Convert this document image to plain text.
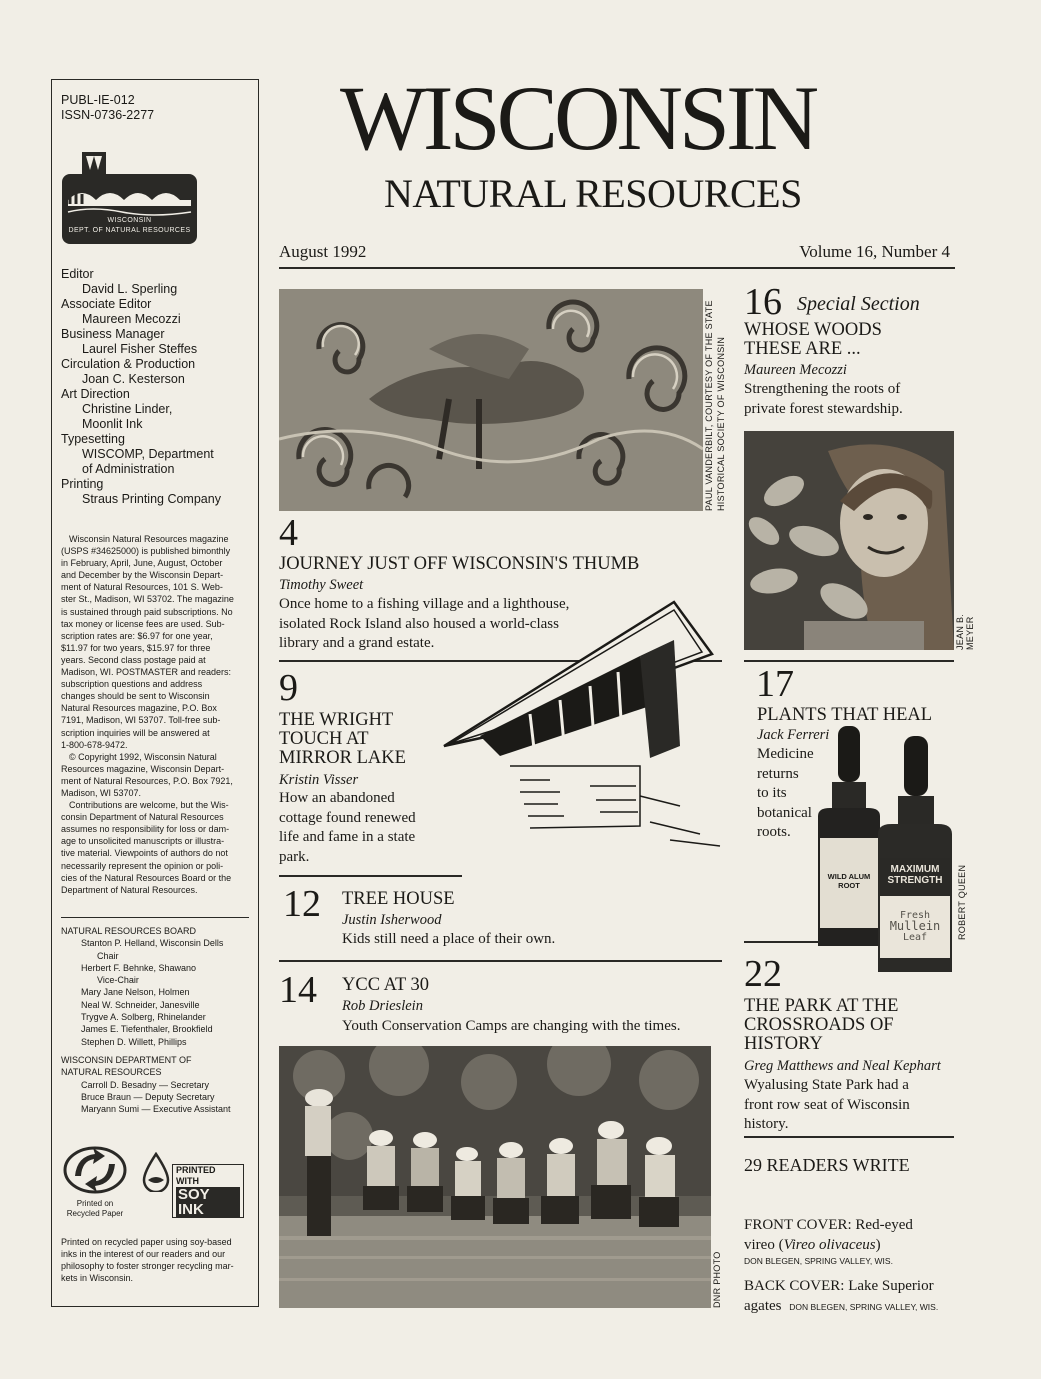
PUBL-IE-012
ISSN-0736-2277
WISCONSIN
DEPT. OF NATURAL RESOURCES
Editor
David L. Sperling
Associate Editor
Maureen Mecozzi
Business Manager
Laurel Fisher Steffes
Circulation & Production
Joan C. Kesterson
Art Direction
Christine Linder,
Moonlit Ink
Typesetting
WISCOMP, Department
of Administration
Printing
Straus Printing Company
Wisconsin Natural Resources magazine
(USPS #34625000) is published bimonthly
in February, April, June, August, October
and December by the Wisconsin Depart-
ment of Natural Resources, 101 S. Web-
ster St., Madison, WI 53702. The magazine
is sustained through paid subscriptions. No
tax money or license fees are used. Sub-
scription rates are: $6.97 for one year,
$11.97 for two years, $15.97 for three
years. Second class postage paid at
Madison, WI. POSTMASTER and readers:
subscription questions and address
changes should be sent to Wisconsin
Natural Resources magazine, P.O. Box
7191, Madison, WI 53707. Toll-free sub-
scription inquiries will be answered at
1-800-678-9472.
© Copyright 1992, Wisconsin Natural
Resources magazine, Wisconsin Depart-
ment of Natural Resources, P.O. Box 7921,
Madison, WI 53707.
Contributions are welcome, but the Wis-
consin Department of Natural Resources
assumes no responsibility for loss or dam-
age to unsolicited manuscripts or illustra-
tive material. Viewpoints of authors do not
necessarily represent the opinion or poli-
cies of the Natural Resources Board or the
Department of Natural Resources.
NATURAL RESOURCES BOARD
Stanton P. Helland, Wisconsin Dells
Chair
Herbert F. Behnke, Shawano
Vice-Chair
Mary Jane Nelson, Holmen
Neal W. Schneider, Janesville
Trygve A. Solberg, Rhinelander
James E. Tiefenthaler, Brookfield
Stephen D. Willett, Phillips
WISCONSIN DEPARTMENT OF
NATURAL RESOURCES
Carroll D. Besadny — Secretary
Bruce Braun — Deputy Secretary
Maryann Sumi — Executive Assistant
Printed on
Recycled Paper
PRINTED WITH
SOY INK
Printed on recycled paper using soy-based
inks in the interest of our readers and our
philosophy to foster stronger recycling mar-
kets in Wisconsin.
WISCONSIN
NATURAL RESOURCES
August 1992	Volume 16, Number 4
PAUL VANDERBILT, COURTESY OF THE STATE HISTORICAL SOCIETY OF WISCONSIN
4
JOURNEY JUST OFF WISCONSIN'S THUMB
Timothy Sweet
Once home to a fishing village and a lighthouse,
isolated Rock Island also housed a world-class
library and a grand estate.
9
THE WRIGHT
TOUCH AT
MIRROR LAKE
Kristin Visser
How an abandoned
cottage found renewed
life and fame in a state
park.
12 TREE HOUSE
Justin Isherwood
Kids still need a place of their own.
14 YCC AT 30
Rob Drieslein
Youth Conservation Camps are changing with the times.
DNR PHOTO
16 Special Section
WHOSE WOODS
THESE ARE ...
Maureen Mecozzi
Strengthening the roots of
private forest stewardship.
JEAN B. MEYER
17
PLANTS THAT HEAL
Jack Ferreri
Medicine
returns
to its
botanical
roots.
WILD ALUM
ROOT
MAXIMUM
STRENGTH
Fresh
Mullein
Leaf	ROBERT QUEEN
22
THE PARK AT THE
CROSSROADS OF
HISTORY
Greg Matthews and Neal Kephart
Wyalusing State Park had a
front row seat of Wisconsin
history.
29 READERS WRITE
FRONT COVER: Red-eyed
vireo (Vireo olivaceus)
DON BLEGEN, SPRING VALLEY, WIS.
BACK COVER: Lake Superior
agates DON BLEGEN, SPRING VALLEY, WIS.
